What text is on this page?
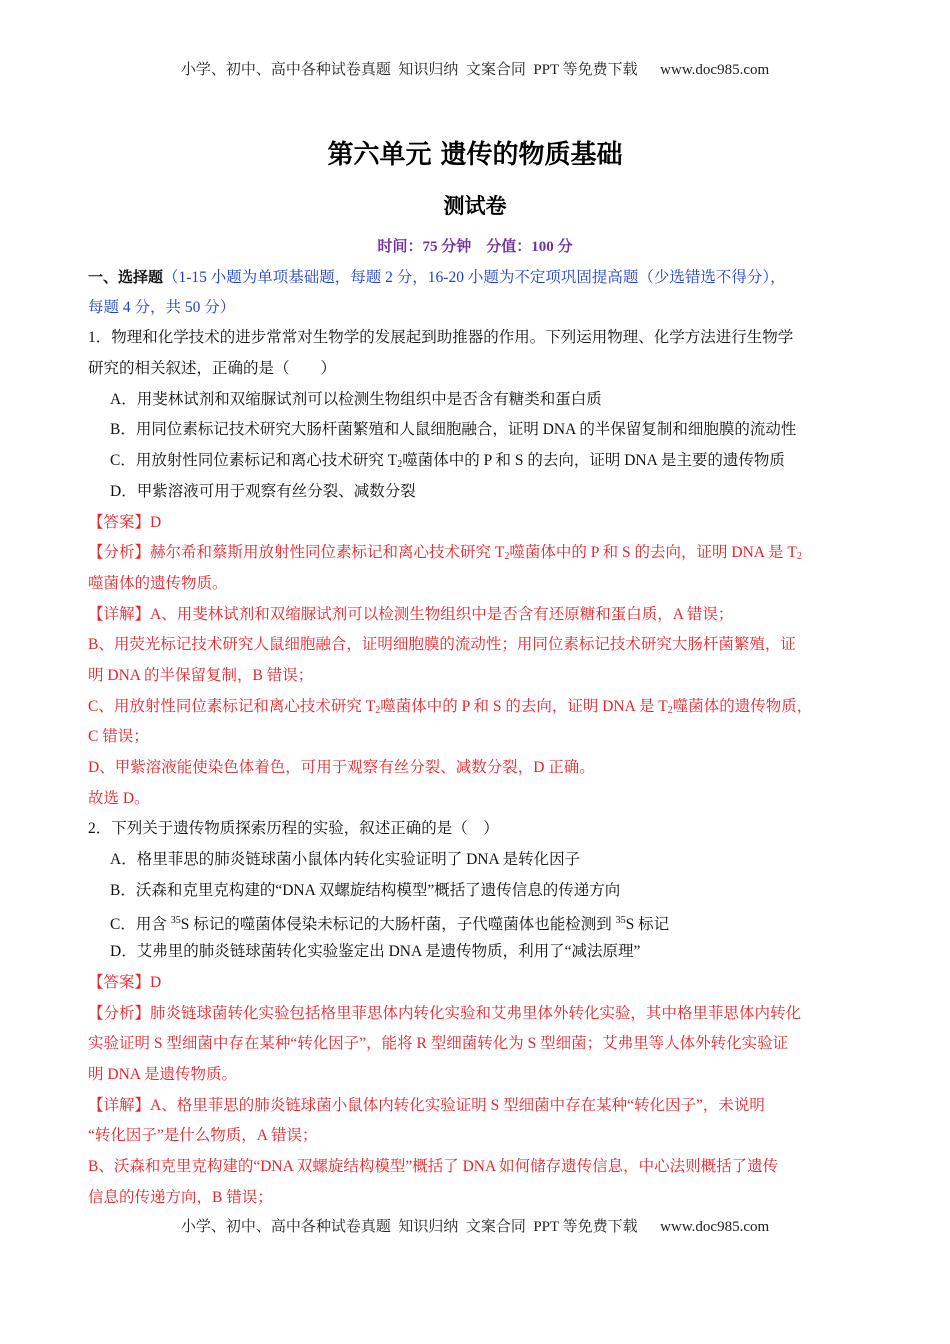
小学、初中、高中各种试卷真题  知识归纳  文案合同  PPT 等免费下载      www.doc985.com
第六单元 遗传的物质基础
测试卷
时间：75 分钟    分值：100 分
一、选择题（1-15 小题为单项基础题，每题 2 分，16-20 小题为不定项巩固提高题（少选错选不得分），
每题 4 分，共 50 分）
1．物理和化学技术的进步常常对生物学的发展起到助推器的作用。下列运用物理、化学方法进行生物学
研究的相关叙述，正确的是（　　）
A．用斐林试剂和双缩脲试剂可以检测生物组织中是否含有糖类和蛋白质
B．用同位素标记技术研究大肠杆菌繁殖和人鼠细胞融合，证明 DNA 的半保留复制和细胞膜的流动性
C．用放射性同位素标记和离心技术研究 $T_2$噬菌体中的 P 和 S 的去向，证明 DNA 是主要的遗传物质
D．甲紫溶液可用于观察有丝分裂、减数分裂
【答案】D
【分析】赫尔希和蔡斯用放射性同位素标记和离心技术研究 $T_2$噬菌体中的 P 和 S 的去向，证明 DNA 是 $T_2$
噬菌体的遗传物质。
【详解】A、用斐林试剂和双缩脲试剂可以检测生物组织中是否含有还原糖和蛋白质，A 错误；
B、用荧光标记技术研究人鼠细胞融合，证明细胞膜的流动性；用同位素标记技术研究大肠杆菌繁殖，证
明 DNA 的半保留复制，B 错误；
C、用放射性同位素标记和离心技术研究 $T_2$噬菌体中的 P 和 S 的去向，证明 DNA 是 $T_2$噬菌体的遗传物质，
C 错误；
D、甲紫溶液能使染色体着色，可用于观察有丝分裂、减数分裂，D 正确。
故选 D。
2．下列关于遗传物质探索历程的实验，叙述正确的是（　）
A．格里菲思的肺炎链球菌小鼠体内转化实验证明了 DNA 是转化因子
B．沃森和克里克构建的“DNA 双螺旋结构模型”概括了遗传信息的传递方向
C．用含 $^{35}$S 标记的噬菌体侵染未标记的大肠杆菌，子代噬菌体也能检测到 $^{35}$S 标记
D．艾弗里的肺炎链球菌转化实验鉴定出 DNA 是遗传物质，利用了“减法原理”
【答案】D
【分析】肺炎链球菌转化实验包括格里菲思体内转化实验和艾弗里体外转化实验，其中格里菲思体内转化
实验证明 S 型细菌中存在某种“转化因子”，能将 R 型细菌转化为 S 型细菌；艾弗里等人体外转化实验证
明 DNA 是遗传物质。
【详解】A、格里菲思的肺炎链球菌小鼠体内转化实验证明 S 型细菌中存在某种“转化因子”，未说明
“转化因子”是什么物质，A 错误；
B、沃森和克里克构建的“DNA 双螺旋结构模型”概括了 DNA 如何储存遗传信息，中心法则概括了遗传
信息的传递方向，B 错误；
小学、初中、高中各种试卷真题  知识归纳  文案合同  PPT 等免费下载      www.doc985.com
